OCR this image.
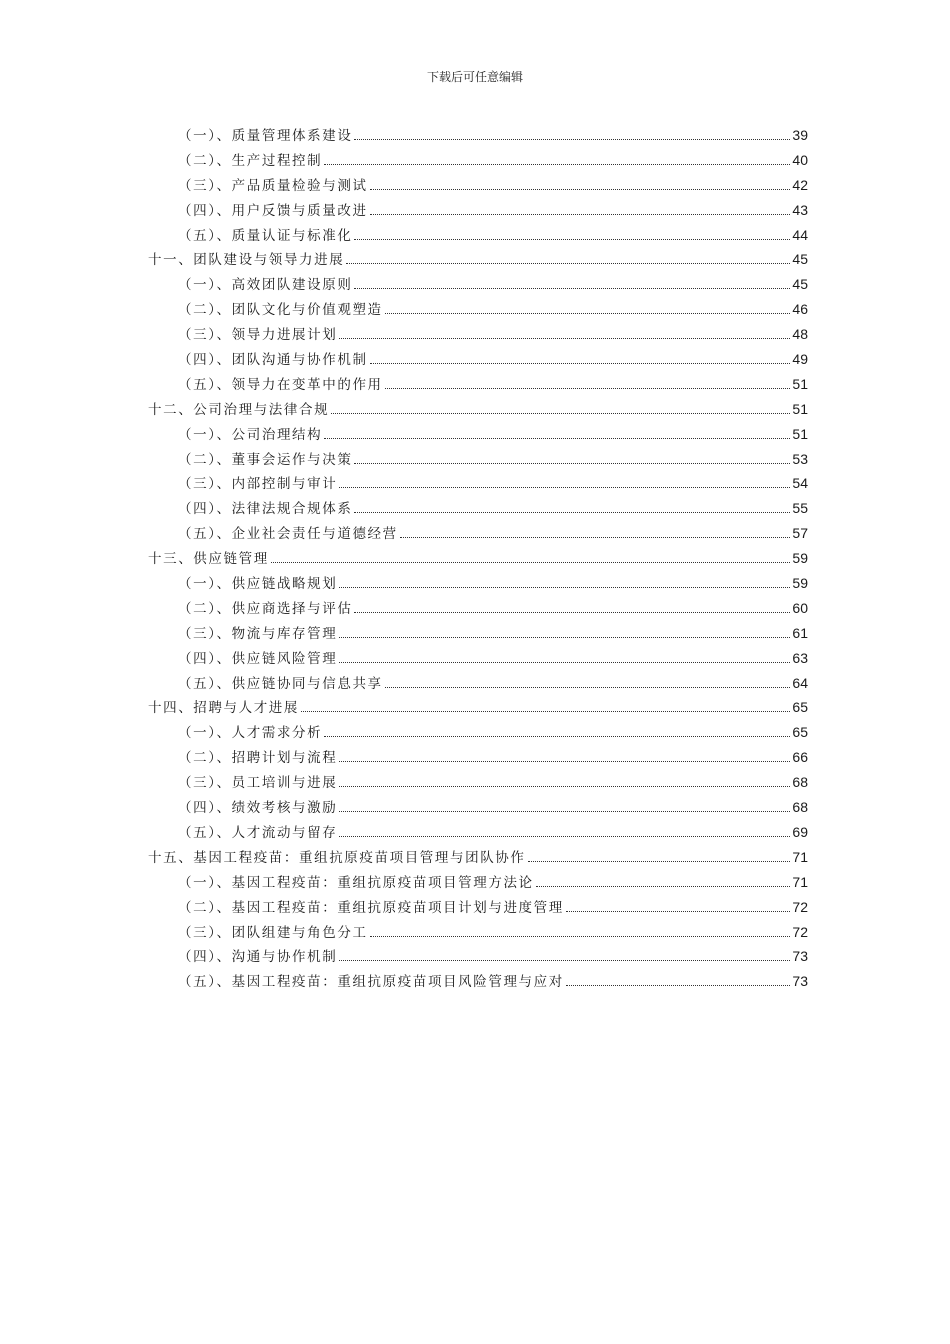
下载后可任意编辑
（一）、质量管理体系建设	39
（二）、生产过程控制	40
（三）、产品质量检验与测试	42
（四）、用户反馈与质量改进	43
（五）、质量认证与标准化	44
十一、团队建设与领导力进展	45
（一）、高效团队建设原则	45
（二）、团队文化与价值观塑造	46
（三）、领导力进展计划	48
（四）、团队沟通与协作机制	49
（五）、领导力在变革中的作用	51
十二、公司治理与法律合规	51
（一）、公司治理结构	51
（二）、董事会运作与决策	53
（三）、内部控制与审计	54
（四）、法律法规合规体系	55
（五）、企业社会责任与道德经营	57
十三、供应链管理	59
（一）、供应链战略规划	59
（二）、供应商选择与评估	60
（三）、物流与库存管理	61
（四）、供应链风险管理	63
（五）、供应链协同与信息共享	64
十四、招聘与人才进展	65
（一）、人才需求分析	65
（二）、招聘计划与流程	66
（三）、员工培训与进展	68
（四）、绩效考核与激励	68
（五）、人才流动与留存	69
十五、基因工程疫苗：重组抗原疫苗项目管理与团队协作	71
（一）、基因工程疫苗：重组抗原疫苗项目管理方法论	71
（二）、基因工程疫苗：重组抗原疫苗项目计划与进度管理	72
（三）、团队组建与角色分工	72
（四）、沟通与协作机制	73
（五）、基因工程疫苗：重组抗原疫苗项目风险管理与应对	73
